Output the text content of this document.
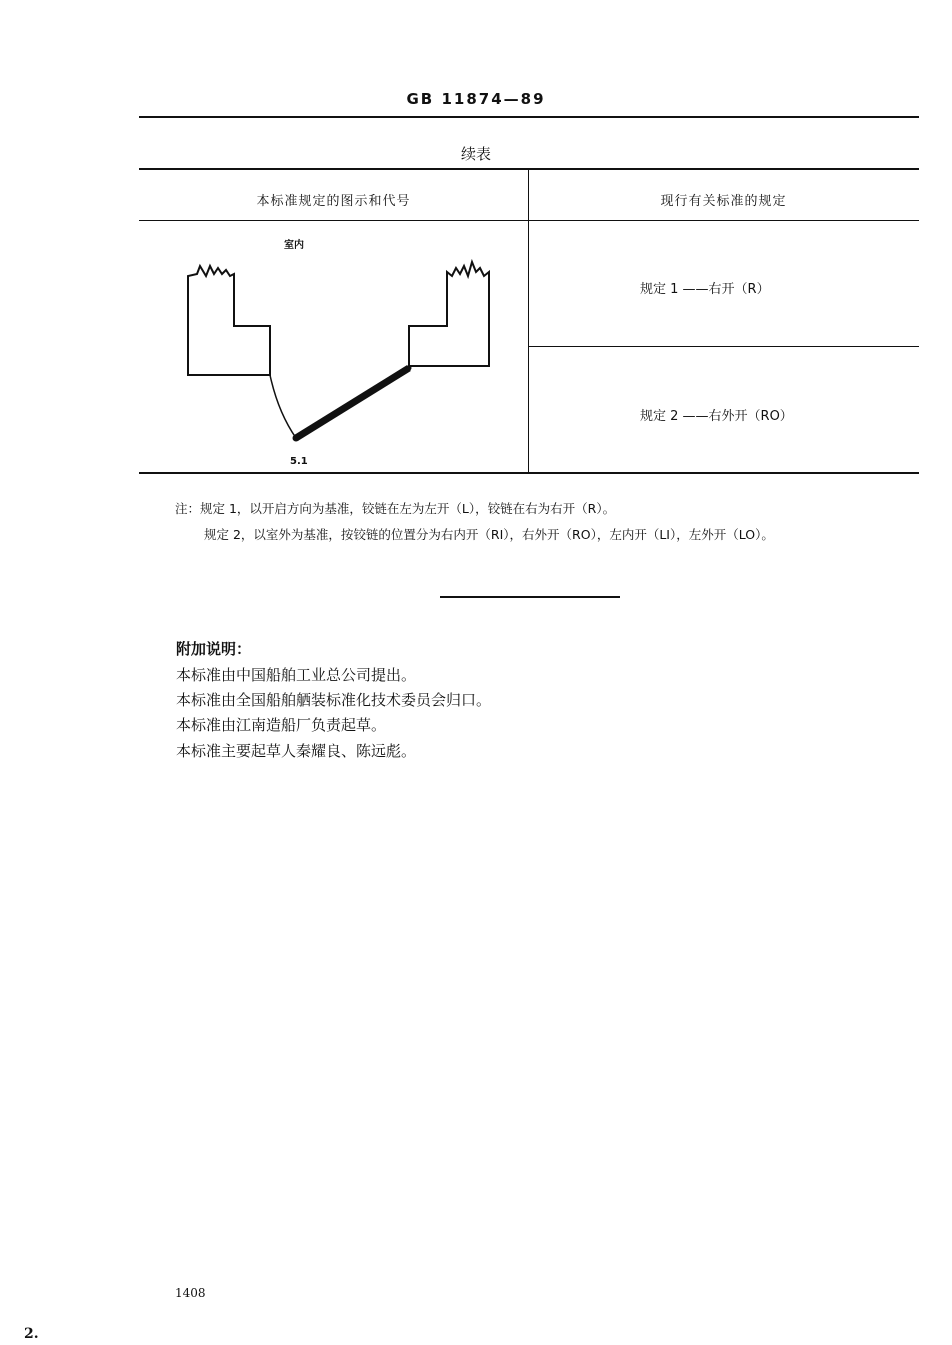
GB 11874—89
续表
本标准规定的图示和代号	现行有关标准的规定
室内
5.1
规定 1 ——右开（R）
规定 2 ——右外开（RO）
注：规定 1，以开启方向为基准，铰链在左为左开（L），铰链在右为右开（R）。
规定 2，以室外为基准，按铰链的位置分为右内开（RI），右外开（RO），左内开（LI），左外开（LO）。
附加说明：
本标准由中国船舶工业总公司提出。
本标准由全国船舶舾装标准化技术委员会归口。
本标准由江南造船厂负责起草。
本标准主要起草人秦耀良、陈远彪。
1408
2.
